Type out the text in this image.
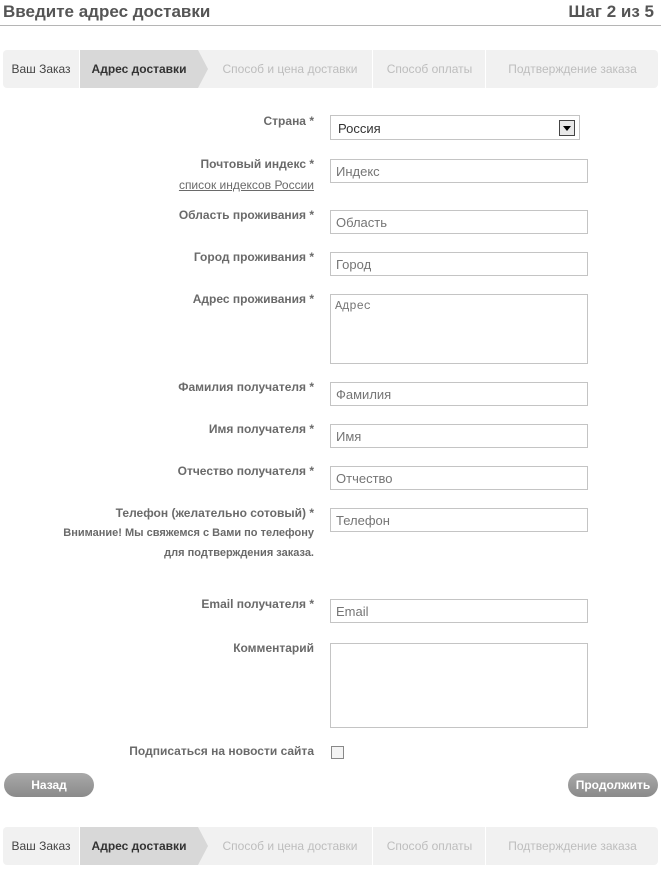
Введите адрес доставки	Шаг 2 из 5
Ваш Заказ	Адрес доставки	Способ и цена доставки	Способ оплаты	Подтверждение заказа
Страна * Россия
Почтовый индекс *
список индексов России
Индекс
Область проживания *
Область
Город проживания *
Город
Адрес проживания *
Адрес
Фамилия получателя *
Фамилия
Имя получателя *
Имя
Отчество получателя *
Отчество
Телефон (желательно сотовый) *
Внимание! Мы свяжемся с Вами по телефону
для подтверждения заказа.
Телефон
Email получателя *
Email
Комментарий
Подписаться на новости сайта
Назад	Продолжить
Ваш Заказ	Адрес доставки	Способ и цена доставки	Способ оплаты	Подтверждение заказа
